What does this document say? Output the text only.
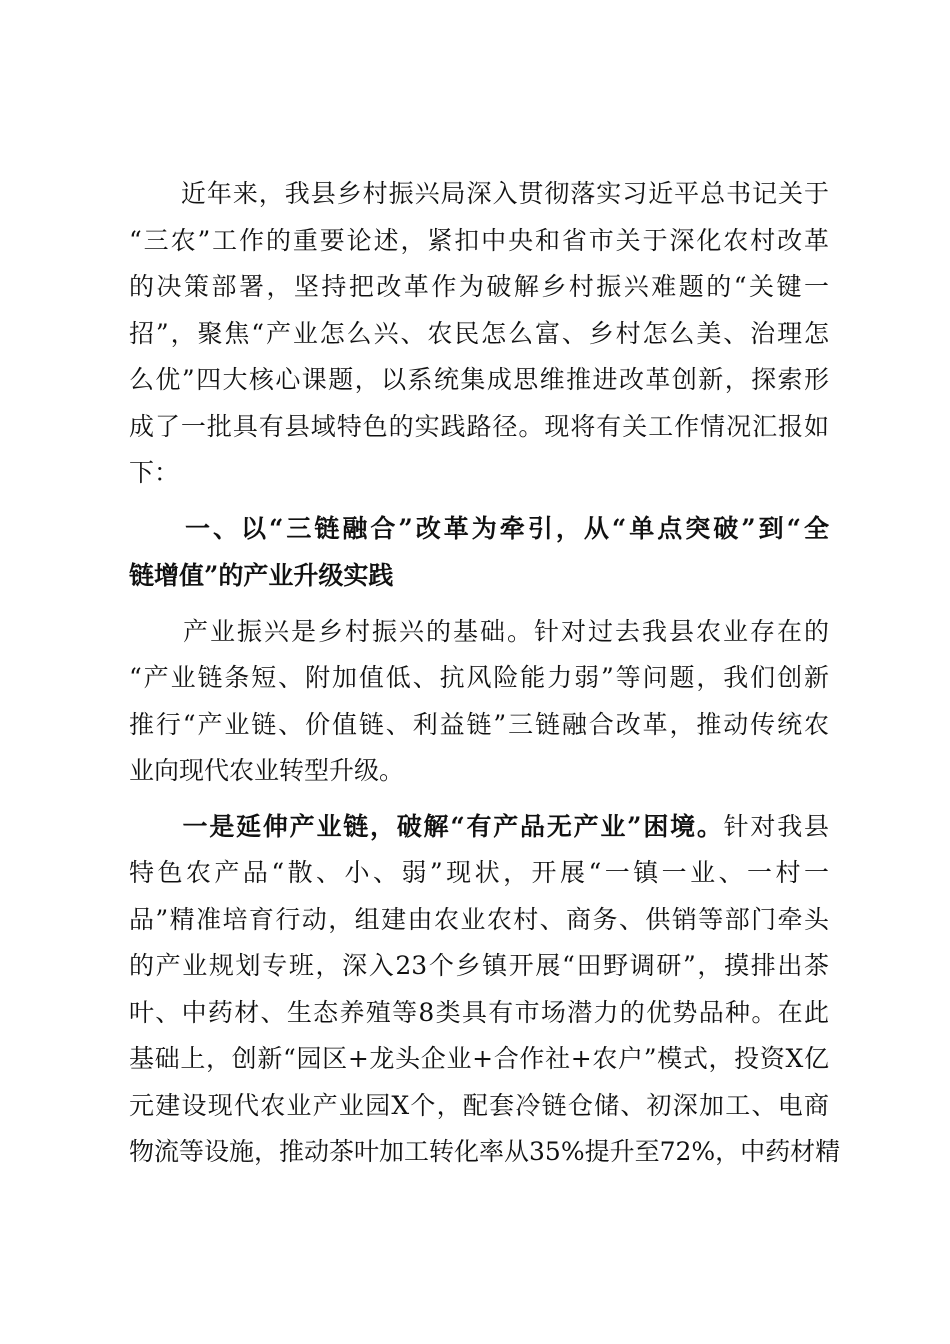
　　近年来，我县乡村振兴局深入贯彻落实习近平总书记关于
“三农”工作的重要论述，紧扣中央和省市关于深化农村改革
的决策部署，坚持把改革作为破解乡村振兴难题的“关键一
招”，聚焦“产业怎么兴、农民怎么富、乡村怎么美、治理怎
么优”四大核心课题，以系统集成思维推进改革创新，探索形
成了一批具有县域特色的实践路径。现将有关工作情况汇报如
下：
　　一、以“三链融合”改革为牵引，从“单点突破”到“全
链增值”的产业升级实践
　　产业振兴是乡村振兴的基础。针对过去我县农业存在的
“产业链条短、附加值低、抗风险能力弱”等问题，我们创新
推行“产业链、价值链、利益链”三链融合改革，推动传统农
业向现代农业转型升级。
　　一是延伸产业链，破解“有产品无产业”困境。针对我县
特色农产品“散、小、弱”现状，开展“一镇一业、一村一
品”精准培育行动，组建由农业农村、商务、供销等部门牵头
的产业规划专班，深入23个乡镇开展“田野调研”，摸排出茶
叶、中药材、生态养殖等8类具有市场潜力的优势品种。在此
基础上，创新“园区+龙头企业+合作社+农户”模式，投资X亿
元建设现代农业产业园X个，配套冷链仓储、初深加工、电商
物流等设施，推动茶叶加工转化率从35%提升至72%，中药材精
